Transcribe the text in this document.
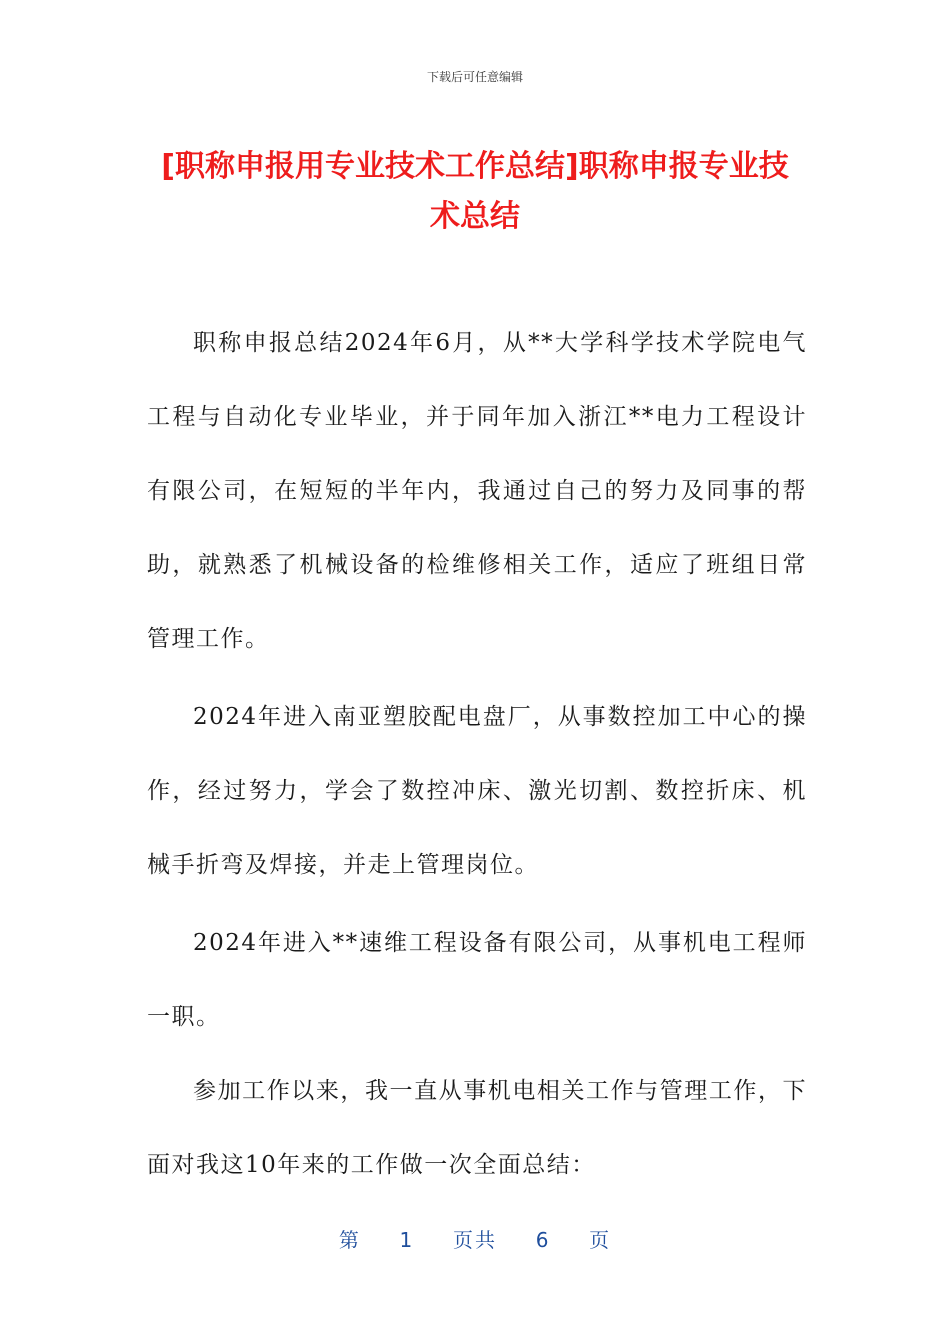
下载后可任意编辑
[职称申报用专业技术工作总结]职称申报专业技术总结

职称申报总结2024年6月，从**大学科学技术学院电气工程与自动化专业毕业，并于同年加入浙江**电力工程设计有限公司，在短短的半年内，我通过自己的努力及同事的帮助，就熟悉了机械设备的检维修相关工作，适应了班组日常管理工作。

2024年进入南亚塑胶配电盘厂，从事数控加工中心的操作，经过努力，学会了数控冲床、激光切割、数控折床、机械手折弯及焊接，并走上管理岗位。

2024年进入**速维工程设备有限公司，从事机电工程师一职。

参加工作以来，我一直从事机电相关工作与管理工作，下面对我这10年来的工作做一次全面总结：

第 1 页共 6 页
